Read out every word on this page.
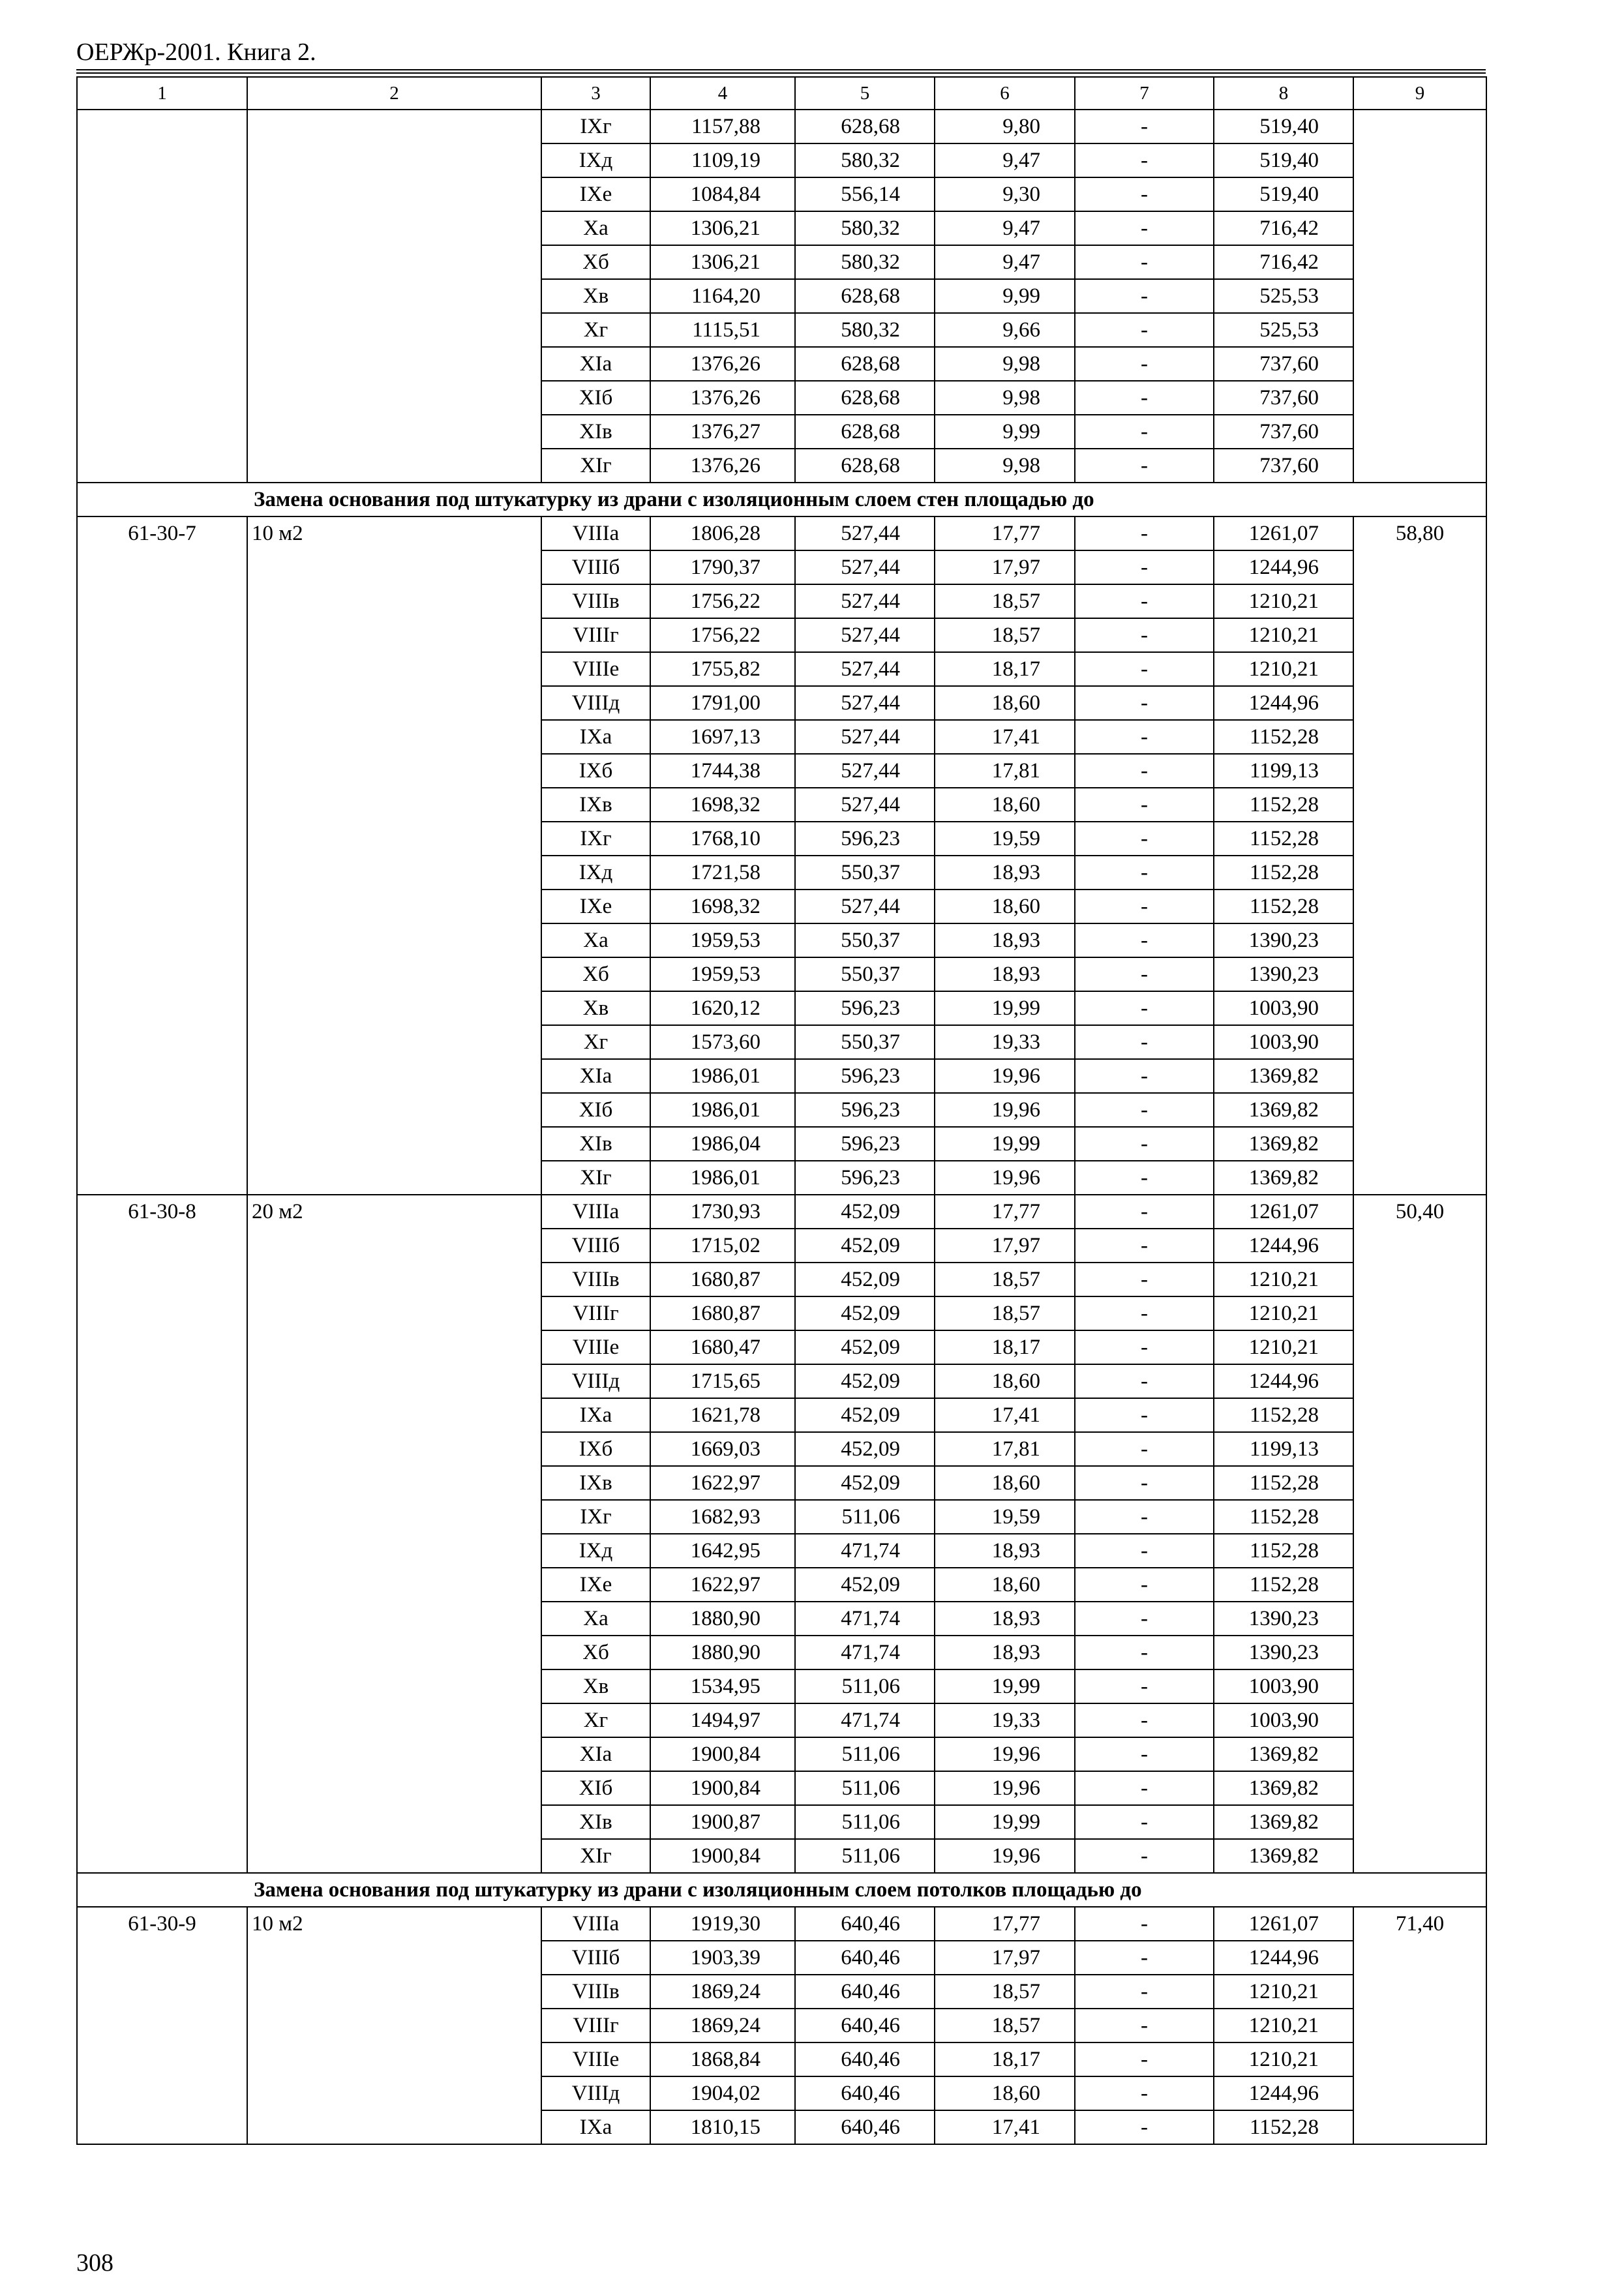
ОЕРЖр-2001. Книга 2.
1	2	3	4	5	6	7	8	9
		IXг	1157,88	628,68	9,80	-	519,40	
		IXд	1109,19	580,32	9,47	-	519,40	
		IXе	1084,84	556,14	9,30	-	519,40	
		Xа	1306,21	580,32	9,47	-	716,42	
		Xб	1306,21	580,32	9,47	-	716,42	
		Xв	1164,20	628,68	9,99	-	525,53	
		Xг	1115,51	580,32	9,66	-	525,53	
		XIа	1376,26	628,68	9,98	-	737,60	
		XIб	1376,26	628,68	9,98	-	737,60	
		XIв	1376,27	628,68	9,99	-	737,60	
		XIг	1376,26	628,68	9,98	-	737,60	
Замена основания под штукатурку из драни с изоляционным слоем стен площадью до								
61-30-7	10 м2	VIIIа	1806,28	527,44	17,77	-	1261,07	58,80
		VIIIб	1790,37	527,44	17,97	-	1244,96	
		VIIIв	1756,22	527,44	18,57	-	1210,21	
		VIIIг	1756,22	527,44	18,57	-	1210,21	
		VIIIе	1755,82	527,44	18,17	-	1210,21	
		VIIIд	1791,00	527,44	18,60	-	1244,96	
		IXа	1697,13	527,44	17,41	-	1152,28	
		IXб	1744,38	527,44	17,81	-	1199,13	
		IXв	1698,32	527,44	18,60	-	1152,28	
		IXг	1768,10	596,23	19,59	-	1152,28	
		IXд	1721,58	550,37	18,93	-	1152,28	
		IXе	1698,32	527,44	18,60	-	1152,28	
		Xа	1959,53	550,37	18,93	-	1390,23	
		Xб	1959,53	550,37	18,93	-	1390,23	
		Xв	1620,12	596,23	19,99	-	1003,90	
		Xг	1573,60	550,37	19,33	-	1003,90	
		XIа	1986,01	596,23	19,96	-	1369,82	
		XIб	1986,01	596,23	19,96	-	1369,82	
		XIв	1986,04	596,23	19,99	-	1369,82	
		XIг	1986,01	596,23	19,96	-	1369,82	
61-30-8	20 м2	VIIIа	1730,93	452,09	17,77	-	1261,07	50,40
		VIIIб	1715,02	452,09	17,97	-	1244,96	
		VIIIв	1680,87	452,09	18,57	-	1210,21	
		VIIIг	1680,87	452,09	18,57	-	1210,21	
		VIIIе	1680,47	452,09	18,17	-	1210,21	
		VIIIд	1715,65	452,09	18,60	-	1244,96	
		IXа	1621,78	452,09	17,41	-	1152,28	
		IXб	1669,03	452,09	17,81	-	1199,13	
		IXв	1622,97	452,09	18,60	-	1152,28	
		IXг	1682,93	511,06	19,59	-	1152,28	
		IXд	1642,95	471,74	18,93	-	1152,28	
		IXе	1622,97	452,09	18,60	-	1152,28	
		Xа	1880,90	471,74	18,93	-	1390,23	
		Xб	1880,90	471,74	18,93	-	1390,23	
		Xв	1534,95	511,06	19,99	-	1003,90	
		Xг	1494,97	471,74	19,33	-	1003,90	
		XIа	1900,84	511,06	19,96	-	1369,82	
		XIб	1900,84	511,06	19,96	-	1369,82	
		XIв	1900,87	511,06	19,99	-	1369,82	
		XIг	1900,84	511,06	19,96	-	1369,82	
Замена основания под штукатурку из драни с изоляционным слоем потолков площадью до								
61-30-9	10 м2	VIIIа	1919,30	640,46	17,77	-	1261,07	71,40
		VIIIб	1903,39	640,46	17,97	-	1244,96	
		VIIIв	1869,24	640,46	18,57	-	1210,21	
		VIIIг	1869,24	640,46	18,57	-	1210,21	
		VIIIе	1868,84	640,46	18,17	-	1210,21	
		VIIIд	1904,02	640,46	18,60	-	1244,96	
		IXа	1810,15	640,46	17,41	-	1152,28	
308
